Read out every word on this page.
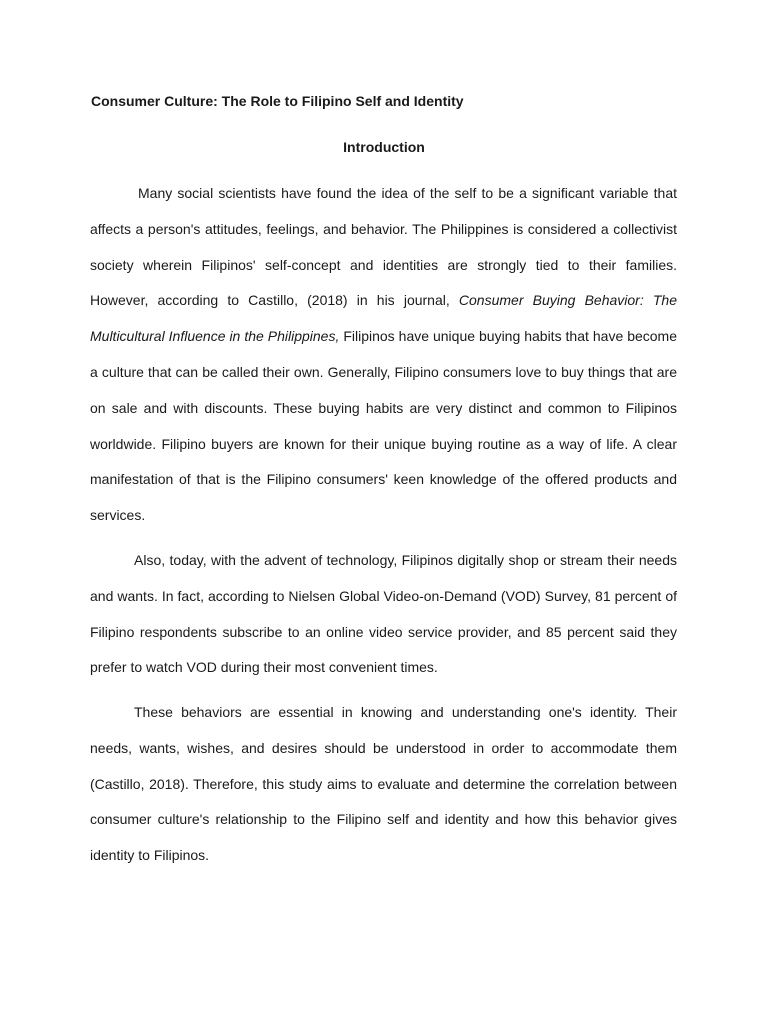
Consumer Culture: The Role to Filipino Self and Identity
Introduction

Many social scientists have found the idea of the self to be a significant variable that affects a person's attitudes, feelings, and behavior. The Philippines is considered a collectivist society wherein Filipinos' self-concept and identities are strongly tied to their families. However, according to Castillo, (2018) in his journal, Consumer Buying Behavior: The Multicultural Influence in the Philippines, Filipinos have unique buying habits that have become a culture that can be called their own. Generally, Filipino consumers love to buy things that are on sale and with discounts. These buying habits are very distinct and common to Filipinos worldwide. Filipino buyers are known for their unique buying routine as a way of life. A clear manifestation of that is the Filipino consumers' keen knowledge of the offered products and services.

Also, today, with the advent of technology, Filipinos digitally shop or stream their needs and wants. In fact, according to Nielsen Global Video-on-Demand (VOD) Survey, 81 percent of Filipino respondents subscribe to an online video service provider, and 85 percent said they prefer to watch VOD during their most convenient times.

These behaviors are essential in knowing and understanding one's identity. Their needs, wants, wishes, and desires should be understood in order to accommodate them (Castillo, 2018). Therefore, this study aims to evaluate and determine the correlation between consumer culture's relationship to the Filipino self and identity and how this behavior gives identity to Filipinos.
